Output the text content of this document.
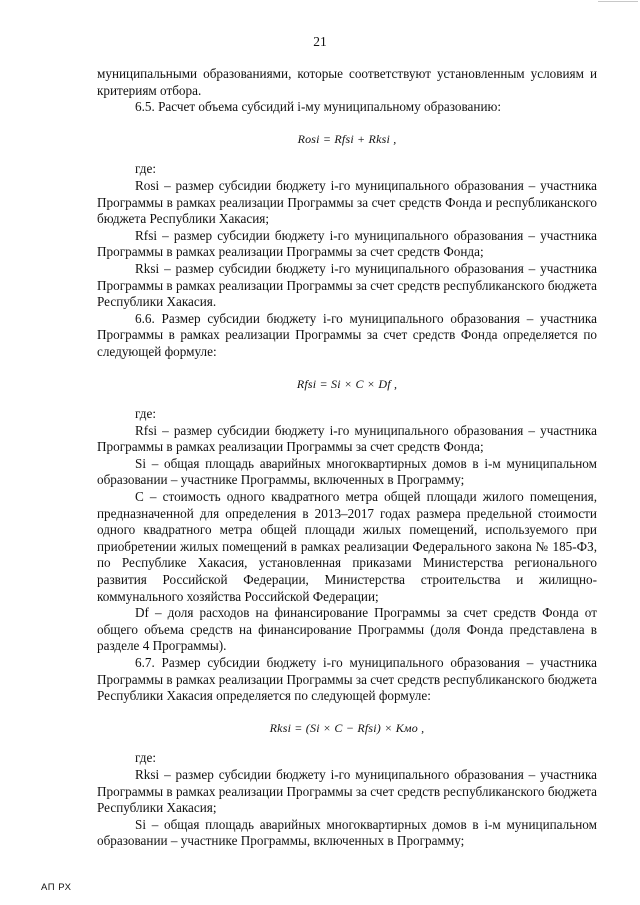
21

муниципальными образованиями, которые соответствуют установленным условиям и критериям отбора.

6.5. Расчет объема субсидий i-му муниципальному образованию:

Rosi = Rfsi + Rksi ,

где:

Rosi – размер субсидии бюджету i-го муниципального образования – участника Программы в рамках реализации Программы за счет средств Фонда и республиканского бюджета Республики Хакасия;

Rfsi – размер субсидии бюджету i-го муниципального образования – участника Программы в рамках реализации Программы за счет средств Фонда;

Rksi – размер субсидии бюджету i-го муниципального образования – участника Программы в рамках реализации Программы за счет средств республиканского бюджета Республики Хакасия.

6.6. Размер субсидии бюджету i-го муниципального образования – участника Программы в рамках реализации Программы за счет средств Фонда определяется по следующей формуле:

Rfsi = Si × C × Df ,

где:

Rfsi – размер субсидии бюджету i-го муниципального образования – участника Программы в рамках реализации Программы за счет средств Фонда;

Si – общая площадь аварийных многоквартирных домов в i-м муниципальном образовании – участнике Программы, включенных в Программу;

С – стоимость одного квадратного метра общей площади жилого помещения, предназначенной для определения в 2013–2017 годах размера предельной стоимости одного квадратного метра общей площади жилых помещений, используемого при приобретении жилых помещений в рамках реализации Федерального закона № 185-ФЗ, по Республике Хакасия, установленная приказами Министерства регионального развития Российской Федерации, Министерства строительства и жилищно-коммунального хозяйства Российской Федерации;

Df – доля расходов на финансирование Программы за счет средств Фонда от общего объема средств на финансирование Программы (доля Фонда представлена в разделе 4 Программы).

6.7. Размер субсидии бюджету i-го муниципального образования – участника Программы в рамках реализации Программы за счет средств республиканского бюджета Республики Хакасия определяется по следующей формуле:

Rksi = (Si × C − Rfsi) × Kмо ,

где:

Rksi – размер субсидии бюджету i-го муниципального образования – участника Программы в рамках реализации Программы за счет средств республиканского бюджета Республики Хакасия;

Si – общая площадь аварийных многоквартирных домов в i-м муниципальном образовании – участнике Программы, включенных в Программу;

АП РХ
